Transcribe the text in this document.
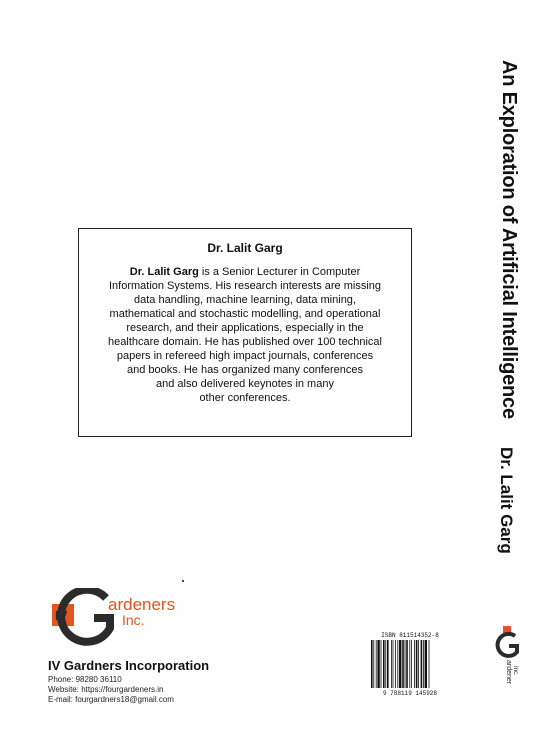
Dr. Lalit Garg
Dr. Lalit Garg is a Senior Lecturer in Computer
Information Systems. His research interests are missing
data handling, machine learning, data mining,
mathematical and stochastic modelling, and operational
research, and their applications, especially in the
healthcare domain. He has published over 100 technical
papers in refereed high impact journals, conferences
and books. He has organized many conferences
and also delivered keynotes in many
other conferences.	An Exploration of Artificial Intelligence
Dr. Lalit Garg
IV
ardeners
Inc.
IV Gardners Incorporation
Phone: 98280 36110
Website: https://fourgardeners.in
E-mail: fourgardners18@gmail.com
ISBN 811514352-8
9 788119 145928
ardeners Inc.
